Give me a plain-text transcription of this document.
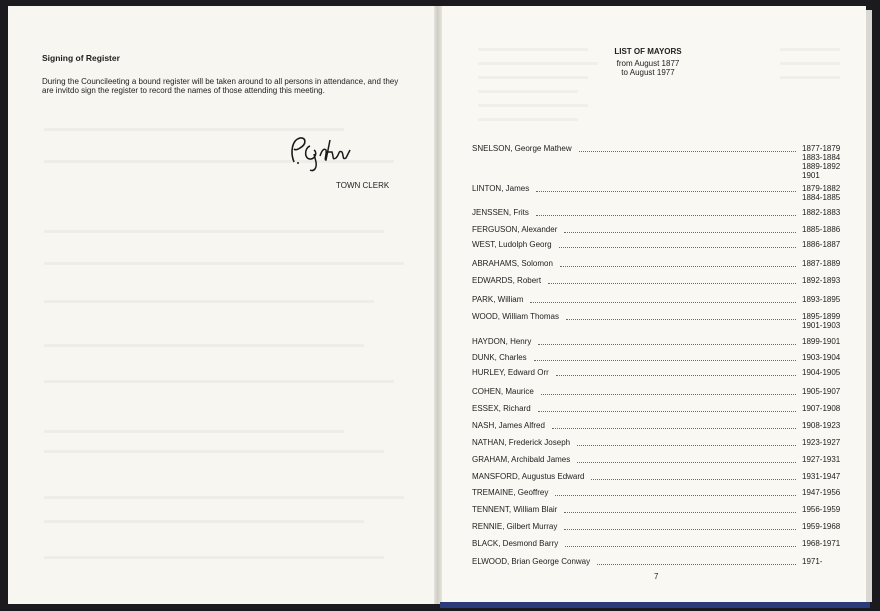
Signing of Register
During the Councileeting a bound register will be taken around to all persons in attendance, and they are invitdo sign the register to record the names of those attending this meeting.
P. Gethy
TOWN CLERK
LIST OF MAYORS
from August 1877
to August 1977
SNELSON, George Mathew	1877-1879
1883-1884
1889-1892
1901
LINTON, James	1879-1882
1884-1885
JENSSEN, Frits	1882-1883
FERGUSON, Alexander	1885-1886
WEST, Ludolph Georg	1886-1887
ABRAHAMS, Solomon	1887-1889
EDWARDS, Robert	1892-1893
PARK, William	1893-1895
WOOD, William Thomas	1895-1899
1901-1903
HAYDON, Henry	1899-1901
DUNK, Charles	1903-1904
HURLEY, Edward Orr	1904-1905
COHEN, Maurice	1905-1907
ESSEX, Richard	1907-1908
NASH, James Alfred	1908-1923
NATHAN, Frederick Joseph	1923-1927
GRAHAM, Archibald James	1927-1931
MANSFORD, Augustus Edward	1931-1947
TREMAINE, Geoffrey	1947-1956
TENNENT, William Blair	1956-1959
RENNIE, Gilbert Murray	1959-1968
BLACK, Desmond Barry	1968-1971
ELWOOD, Brian George Conway	1971-
7
